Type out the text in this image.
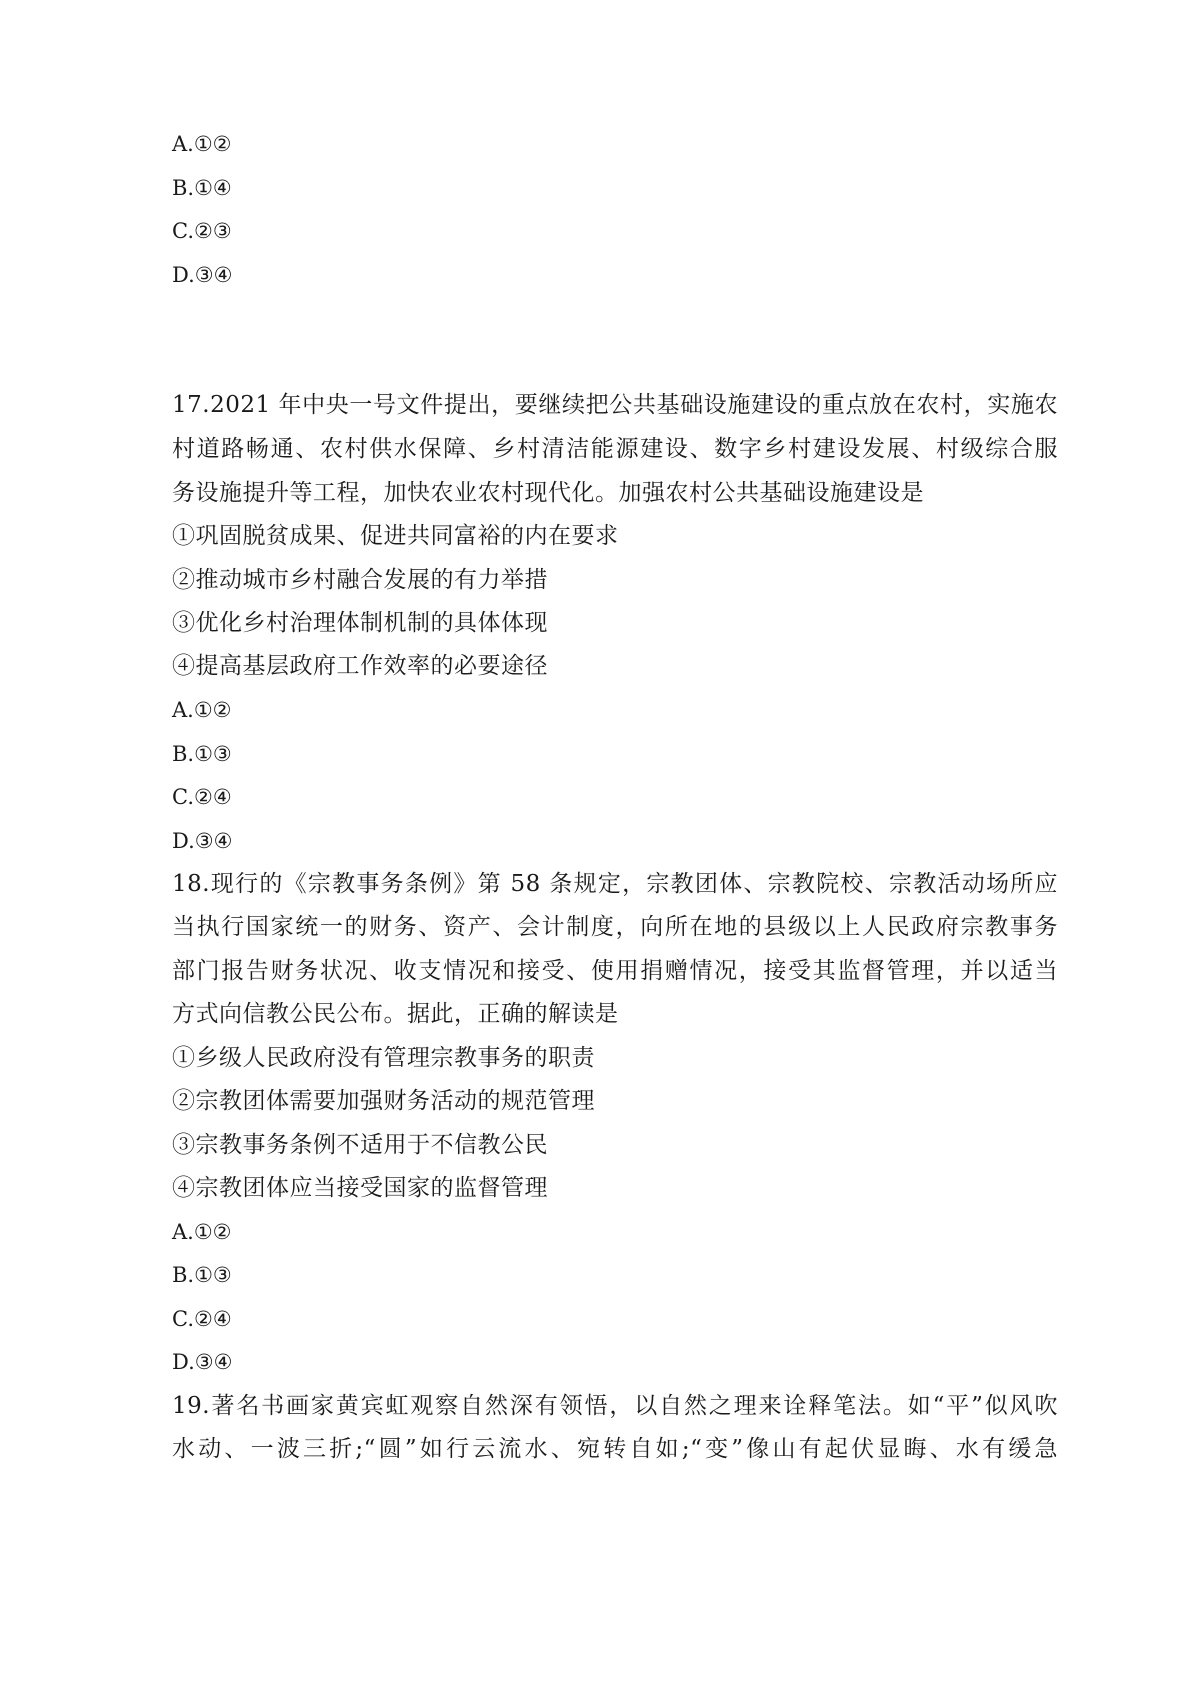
A.①②
B.①④
C.②③
D.③④
17.2021 年中央一号文件提出，要继续把公共基础设施建设的重点放在农村，实施农
村道路畅通、农村供水保障、乡村清洁能源建设、数字乡村建设发展、村级综合服
务设施提升等工程，加快农业农村现代化。加强农村公共基础设施建设是
①巩固脱贫成果、促进共同富裕的内在要求
②推动城市乡村融合发展的有力举措
③优化乡村治理体制机制的具体体现
④提高基层政府工作效率的必要途径
A.①②
B.①③
C.②④
D.③④
18.现行的《宗教事务条例》第 58 条规定，宗教团体、宗教院校、宗教活动场所应
当执行国家统一的财务、资产、会计制度，向所在地的县级以上人民政府宗教事务
部门报告财务状况、收支情况和接受、使用捐赠情况，接受其监督管理，并以适当
方式向信教公民公布。据此，正确的解读是
①乡级人民政府没有管理宗教事务的职责
②宗教团体需要加强财务活动的规范管理
③宗教事务条例不适用于不信教公民
④宗教团体应当接受国家的监督管理
A.①②
B.①③
C.②④
D.③④
19.著名书画家黄宾虹观察自然深有领悟，以自然之理来诠释笔法。如“平”似风吹
水动、一波三折;“圆”如行云流水、宛转自如;“变”像山有起伏显晦、水有缓急
